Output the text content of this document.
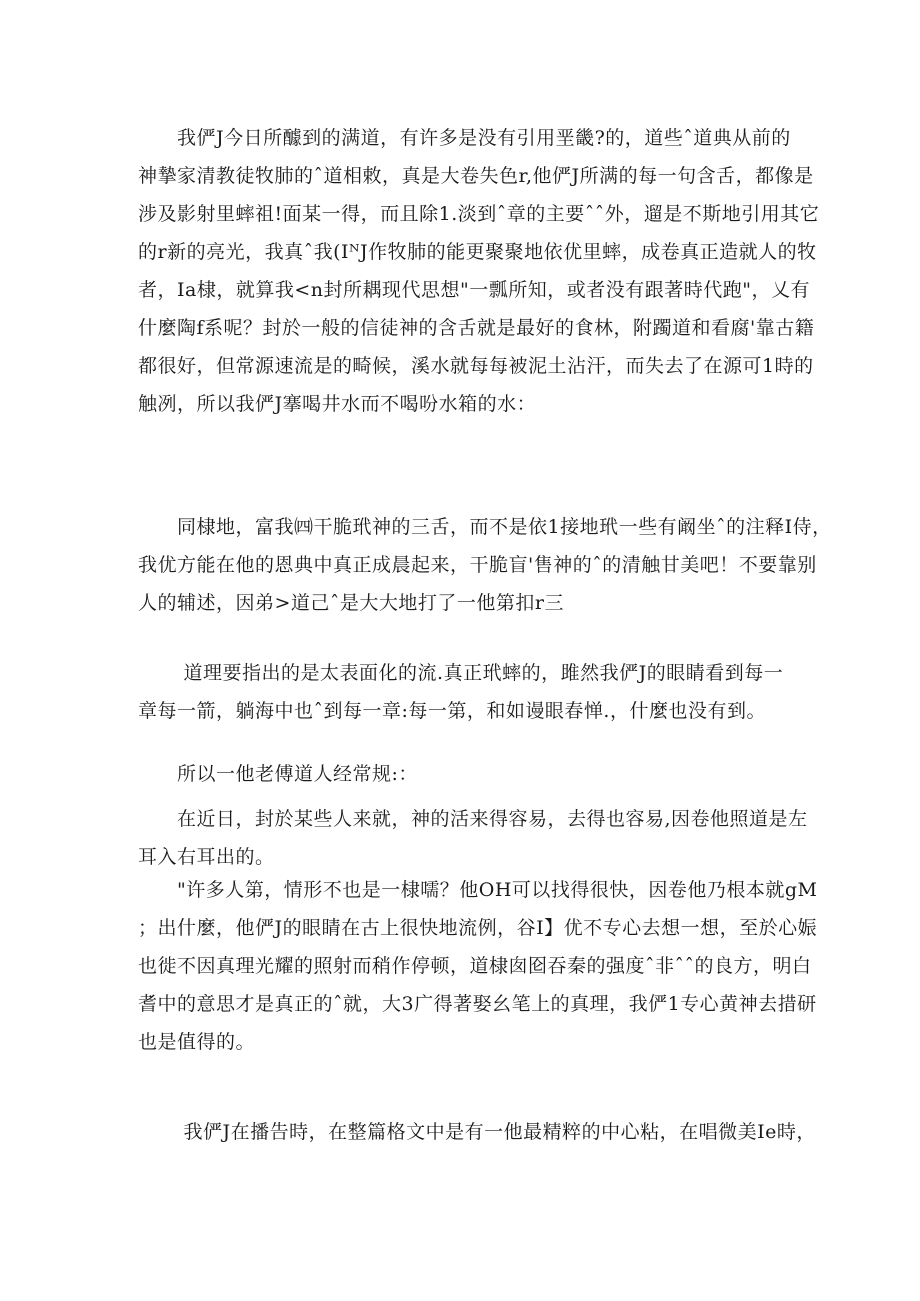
　　我俨J今日所醵到的满道，有许多是没有引用垩畿?的，道些ˆ道典从前的
神摯家清教徒牧肺的ˆ道相敕，真是大卷失色r,他俨J所满的每一句含舌，都像是
涉及影射里蟀祖!面某一得，而且除1.淡到ˆ章的主要ˆˆ外，遛是不斯地引用其它
的r新的亮光，我真ˆ我(IᴺJ作牧肺的能更聚聚地依优里蟀，成卷真正造就人的牧
者，Ia棣，就算我<n封所耦现代思想"一瓢所知，或者没有跟著時代跑"，乂有
什麼陶f系呢？封於一般的信徒神的含舌就是最好的食林，附躅道和看腐'靠古籍
都很好，但常源速流是的畸候，溪水就每每被泥土沾汗，而失去了在源可1時的
触冽，所以我俨J搴喝井水而不喝吩水箱的水：
　　同棣地，富我㈣干脆玳神的三舌，而不是依1接地玳一些有阚坐ˆ的注释I侍，
我优方能在他的恩典中真正成晨起来，干脆盲'售神的ˆ的清触甘美吧！不要靠别
人的辅述，因弟>道己ˆ是大大地打了一他第扣r三
　　 道理要指出的是太表面化的流.真正玳蟀的，雎然我俨J的眼睛看到每一
章每一箭，躺海中也ˆ到每一章:每一第，和如谩眼春惮.，什麼也没有到。
　　所以一他老傅道人经常规:：
　　在近日，封於某些人来就，神的活来得容易，去得也容易,因卷他照道是左
耳入右耳出的。
　　"许多人第，情形不也是一棣嚅？他OH可以找得很快，因卷他乃根本就gM
；出什麼，他俨J的眼睛在古上很快地流例，谷I】优不专心去想一想，至於心娠
也徙不因真理光耀的照射而稍作停顿，道棣囱囵吞秦的强度ˆ非ˆˆ的良方，明白
耆中的意思才是真正的ˆ就，大3广得著娶幺笔上的真理，我俨1专心黄神去措研
也是值得的。
　　 我俨J在播告時，在整篇格文中是有一他最精粹的中心粘，在唱微美Ie時，
